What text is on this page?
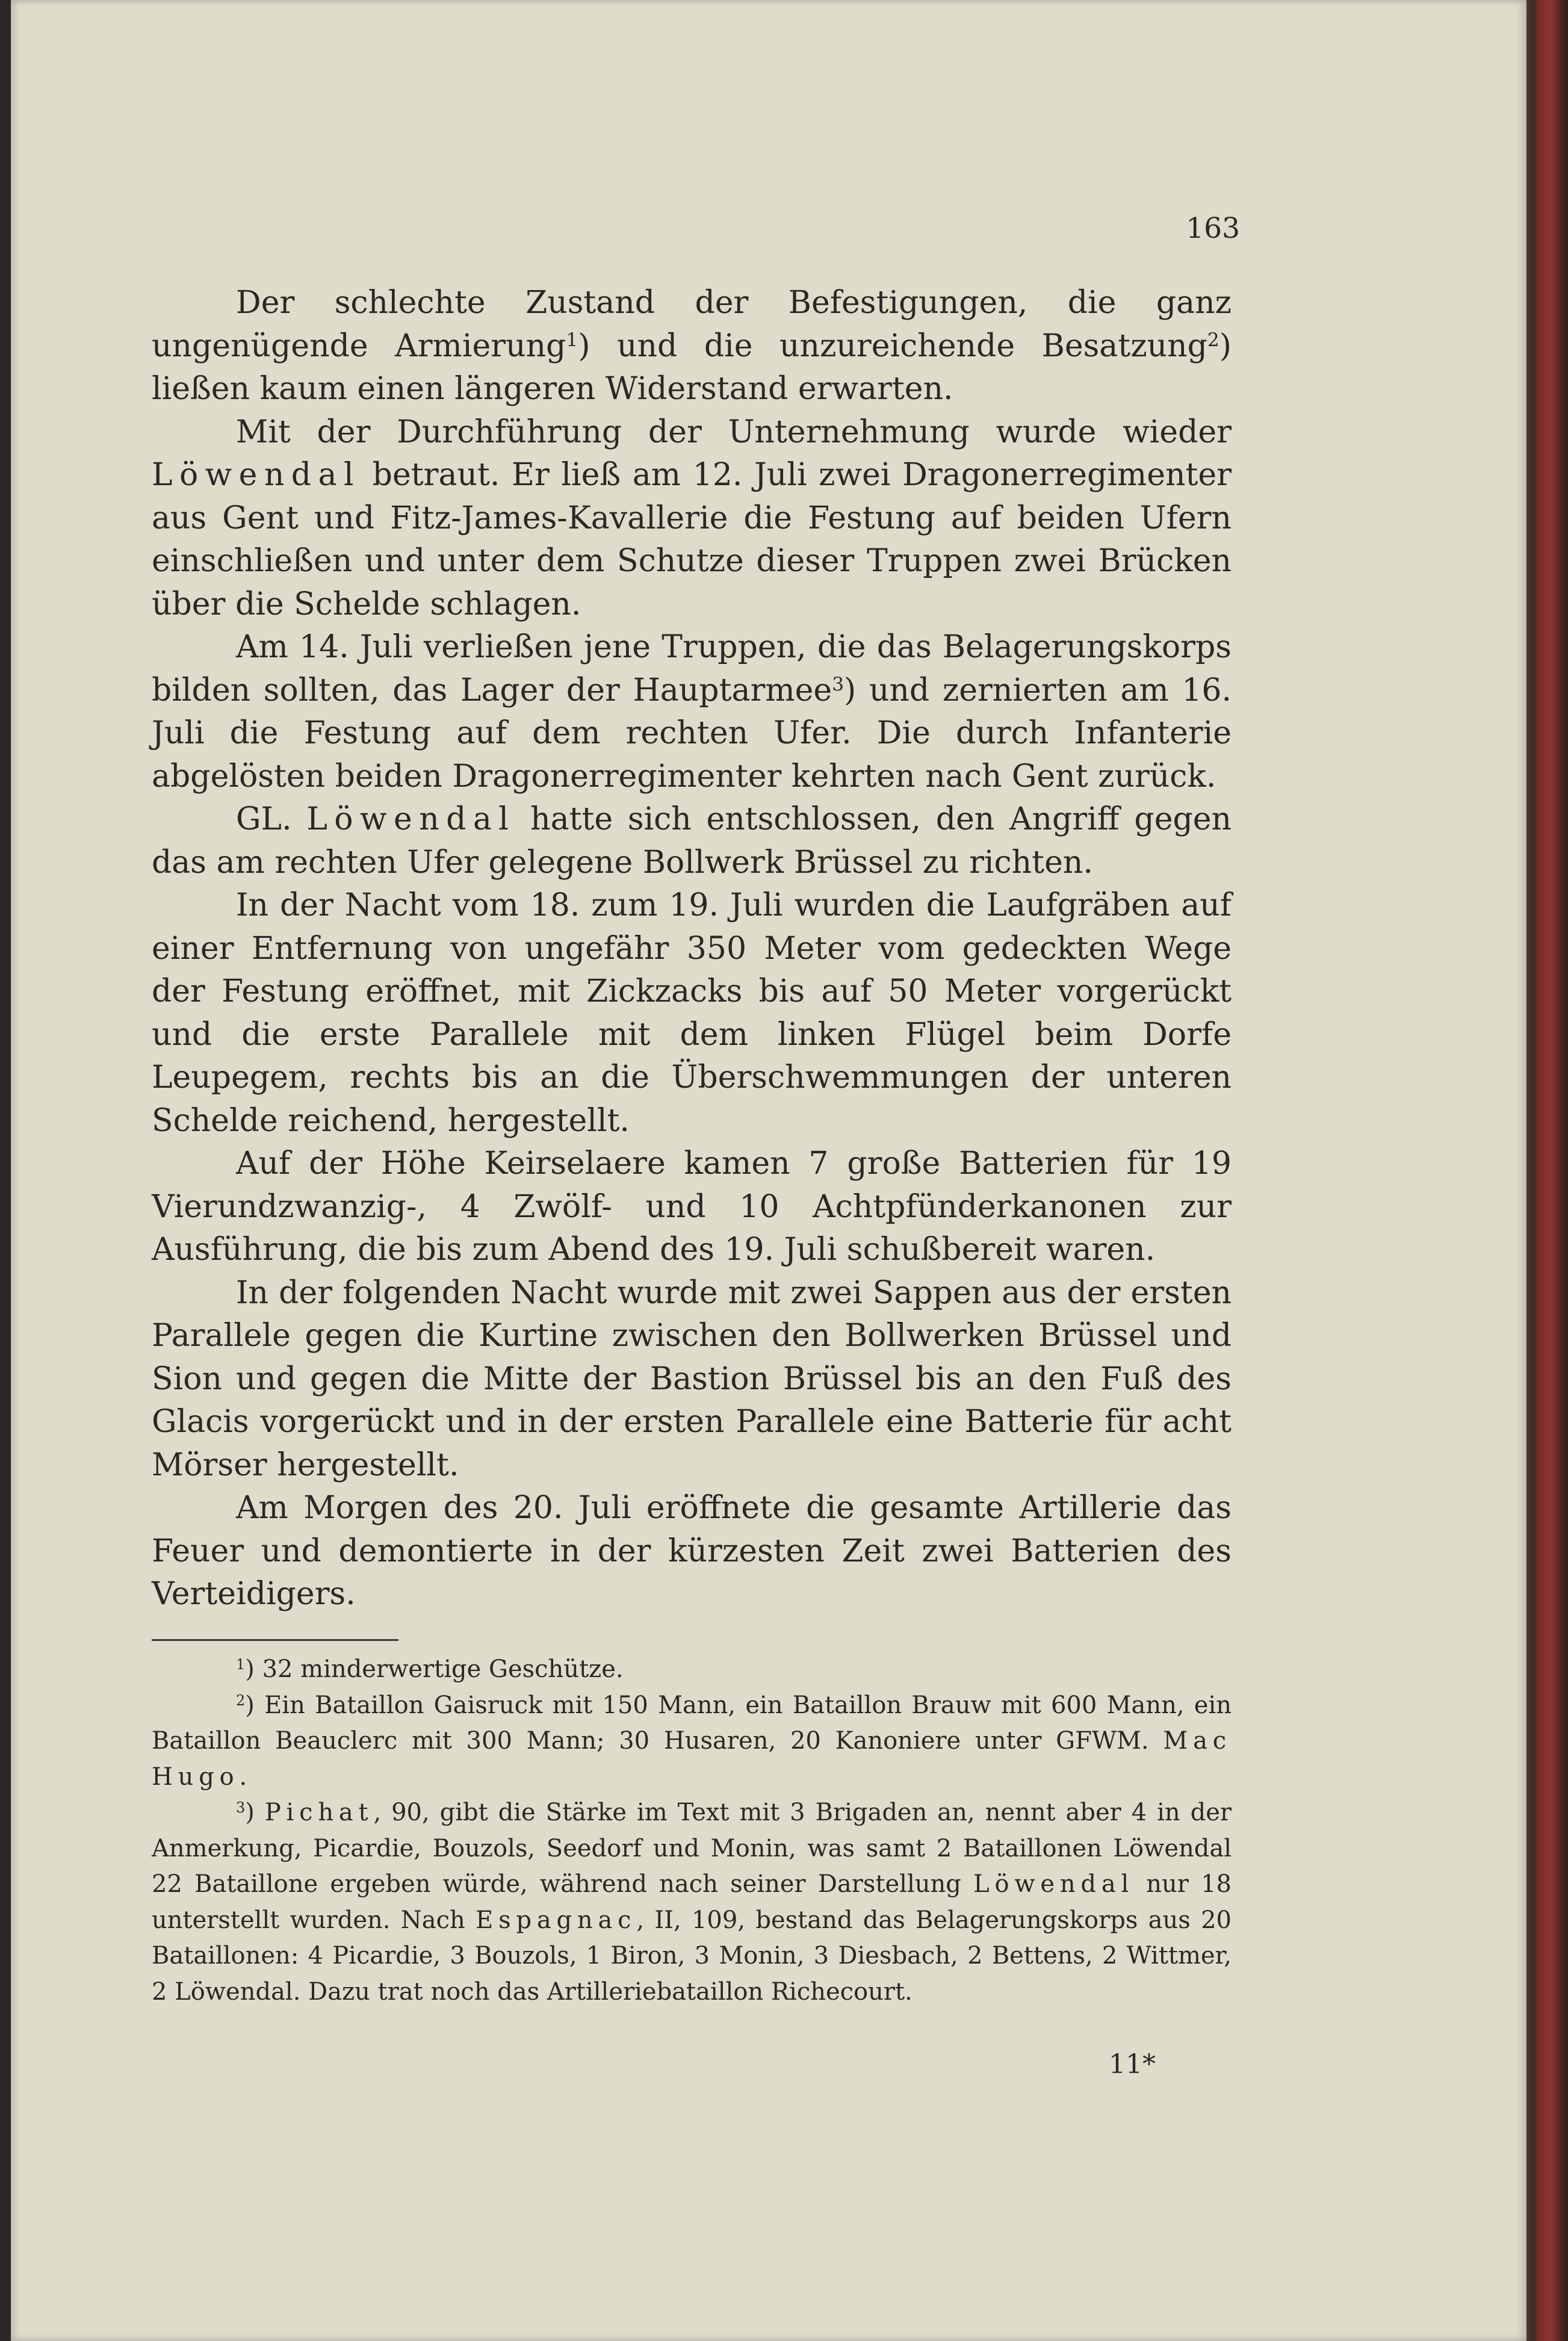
163

Der schlechte Zustand der Befestigungen, die ganz ungenügende Armierung$^1$) und die unzureichende Besatzung$^2$) ließen kaum einen längeren Widerstand erwarten.

Mit der Durchführung der Unternehmung wurde wieder Löwendal betraut. Er ließ am 12. Juli zwei Dragonerregimenter aus Gent und Fitz-James-Kavallerie die Festung auf beiden Ufern einschließen und unter dem Schutze dieser Truppen zwei Brücken über die Schelde schlagen.

Am 14. Juli verließen jene Truppen, die das Belagerungskorps bilden sollten, das Lager der Hauptarmee$^3$) und zernierten am 16. Juli die Festung auf dem rechten Ufer. Die durch Infanterie abgelösten beiden Dragonerregimenter kehrten nach Gent zurück.

GL. Löwendal hatte sich entschlossen, den Angriff gegen das am rechten Ufer gelegene Bollwerk Brüssel zu richten.

In der Nacht vom 18. zum 19. Juli wurden die Laufgräben auf einer Entfernung von ungefähr 350 Meter vom gedeckten Wege der Festung eröffnet, mit Zickzacks bis auf 50 Meter vorgerückt und die erste Parallele mit dem linken Flügel beim Dorfe Leupegem, rechts bis an die Überschwemmungen der unteren Schelde reichend, hergestellt.

Auf der Höhe Keirselaere kamen 7 große Batterien für 19 Vierundzwanzig-, 4 Zwölf- und 10 Achtpfünderkanonen zur Ausführung, die bis zum Abend des 19. Juli schußbereit waren.

In der folgenden Nacht wurde mit zwei Sappen aus der ersten Parallele gegen die Kurtine zwischen den Bollwerken Brüssel und Sion und gegen die Mitte der Bastion Brüssel bis an den Fuß des Glacis vorgerückt und in der ersten Parallele eine Batterie für acht Mörser hergestellt.

Am Morgen des 20. Juli eröffnete die gesamte Artillerie das Feuer und demontierte in der kürzesten Zeit zwei Batterien des Verteidigers.

$^1$) 32 minderwertige Geschütze.

$^2$) Ein Bataillon Gaisruck mit 150 Mann, ein Bataillon Brauw mit 600 Mann, ein Bataillon Beauclerc mit 300 Mann; 30 Husaren, 20 Kanoniere unter GFWM. Mac Hugo.

$^3$) Pichat, 90, gibt die Stärke im Text mit 3 Brigaden an, nennt aber 4 in der Anmerkung, Picardie, Bouzols, Seedorf und Monin, was samt 2 Bataillonen Löwendal 22 Bataillone ergeben würde, während nach seiner Darstellung Löwendal nur 18 unterstellt wurden. Nach Espagnac, II, 109, bestand das Belagerungskorps aus 20 Bataillonen: 4 Picardie, 3 Bouzols, 1 Biron, 3 Monin, 3 Diesbach, 2 Bettens, 2 Wittmer, 2 Löwendal. Dazu trat noch das Artilleriebataillon Richecourt.

11*
